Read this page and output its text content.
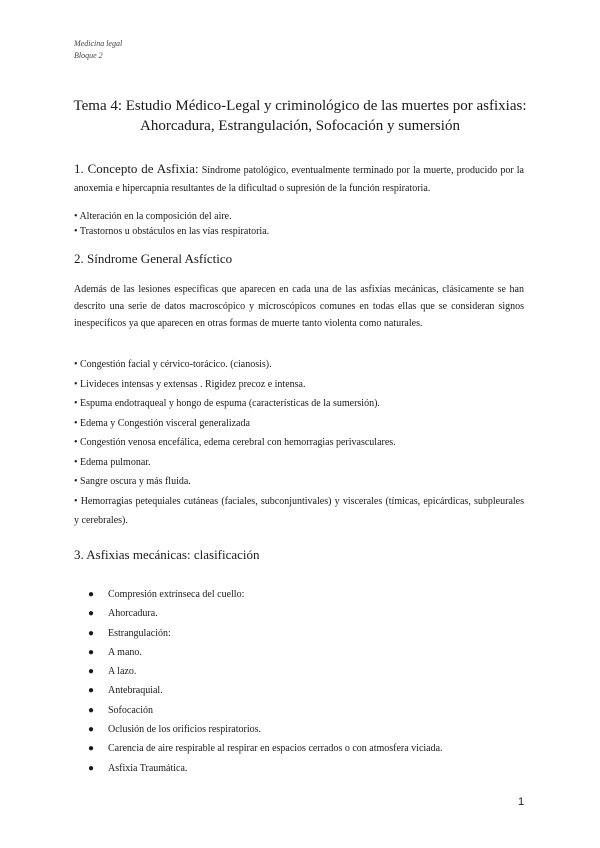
Medicina legal
Bloque 2
Tema 4: Estudio Médico-Legal y criminológico de las muertes por asfixias:
Ahorcadura, Estrangulación, Sofocación y sumersión
1. Concepto de Asfixia: Síndrome patológico, eventualmente terminado por la muerte, producido por la anoxemia e hipercapnia resultantes de la dificultad o supresión de la función respiratoria.
• Alteración en la composición del aire.
• Trastornos u obstáculos en las vías respiratoria.
2. Síndrome General Asfíctico
Además de las lesiones específicas que aparecen en cada una de las asfixias mecánicas, clásicamente se han descrito una serie de datos macroscópico y microscópicos comunes en todas ellas que se consideran signos inespecíficos ya que aparecen en otras formas de muerte tanto violenta como naturales.
• Congestión facial y cérvico-torácico. (cianosis).
• Livideces intensas y extensas . Rigidez precoz e intensa.
• Espuma endotraqueal y hongo de espuma (características de la sumersión).
• Edema y Congestión visceral generalizada
• Congestión venosa encefálica, edema cerebral con hemorragias perivasculares.
• Edema pulmonar.
• Sangre oscura y más fluida.
• Hemorragias petequiales cutáneas (faciales, subconjuntivales) y viscerales (tímicas, epicárdicas, subpleurales y cerebrales).
3. Asfixias mecánicas: clasificación
● Compresión extrínseca del cuello:
● Ahorcadura.
● Estrangulación:
● A mano.
● A lazo.
● Antebraquial.
● Sofocación
● Oclusión de los orificios respiratorios.
● Carencia de aire respirable al respirar en espacios cerrados o con atmosfera viciada.
● Asfixia Traumática.
1
